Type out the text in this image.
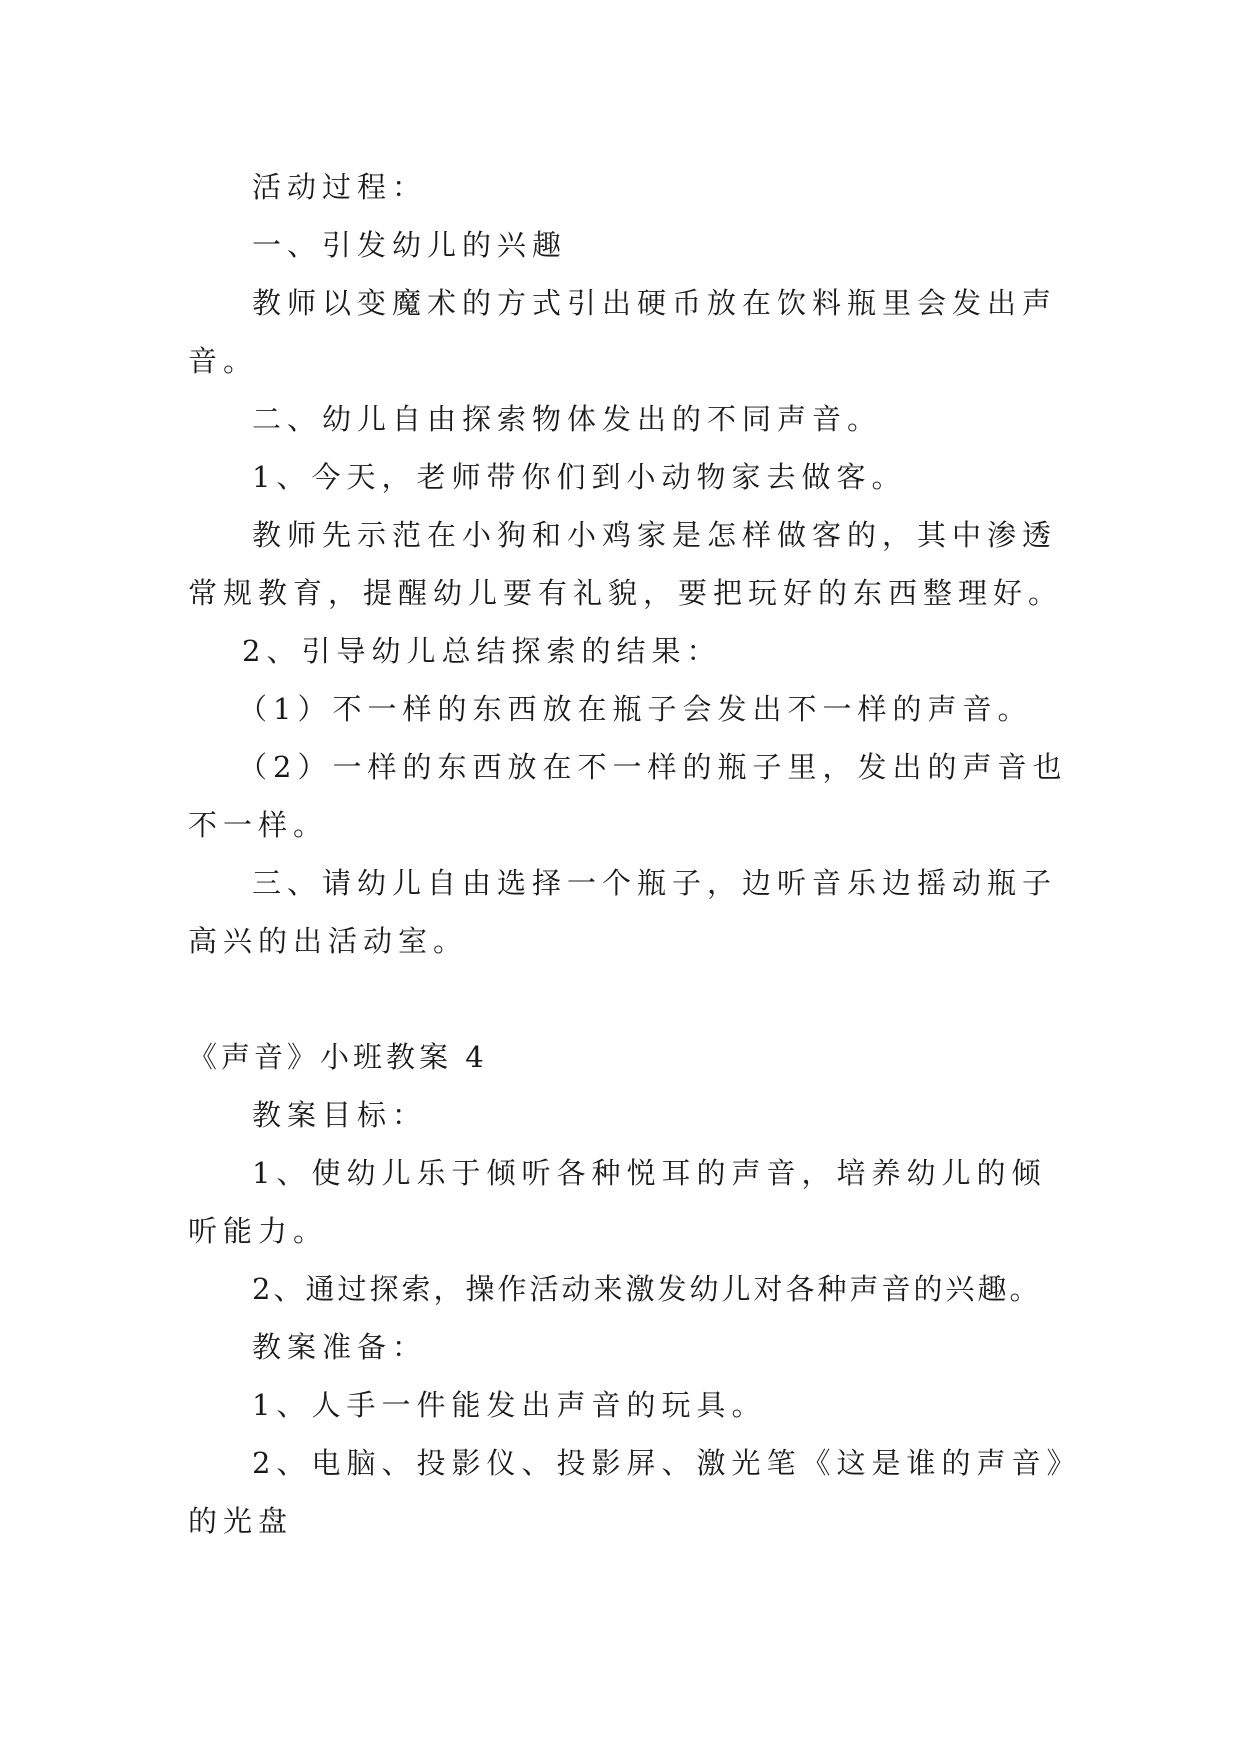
活动过程：

一、引发幼儿的兴趣

教师以变魔术的方式引出硬币放在饮料瓶里会发出声音。

二、幼儿自由探索物体发出的不同声音。

1、今天，老师带你们到小动物家去做客。

教师先示范在小狗和小鸡家是怎样做客的，其中渗透常规教育，提醒幼儿要有礼貌，要把玩好的东西整理好。

2、引导幼儿总结探索的结果：

（1）不一样的东西放在瓶子会发出不一样的声音。

（2）一样的东西放在不一样的瓶子里，发出的声音也不一样。

三、请幼儿自由选择一个瓶子，边听音乐边摇动瓶子高兴的出活动室。

《声音》小班教案 4

教案目标：

1、使幼儿乐于倾听各种悦耳的声音，培养幼儿的倾听能力。

2、通过探索，操作活动来激发幼儿对各种声音的兴趣。

教案准备：

1、人手一件能发出声音的玩具。

2、电脑、投影仪、投影屏、激光笔《这是谁的声音》的光盘
